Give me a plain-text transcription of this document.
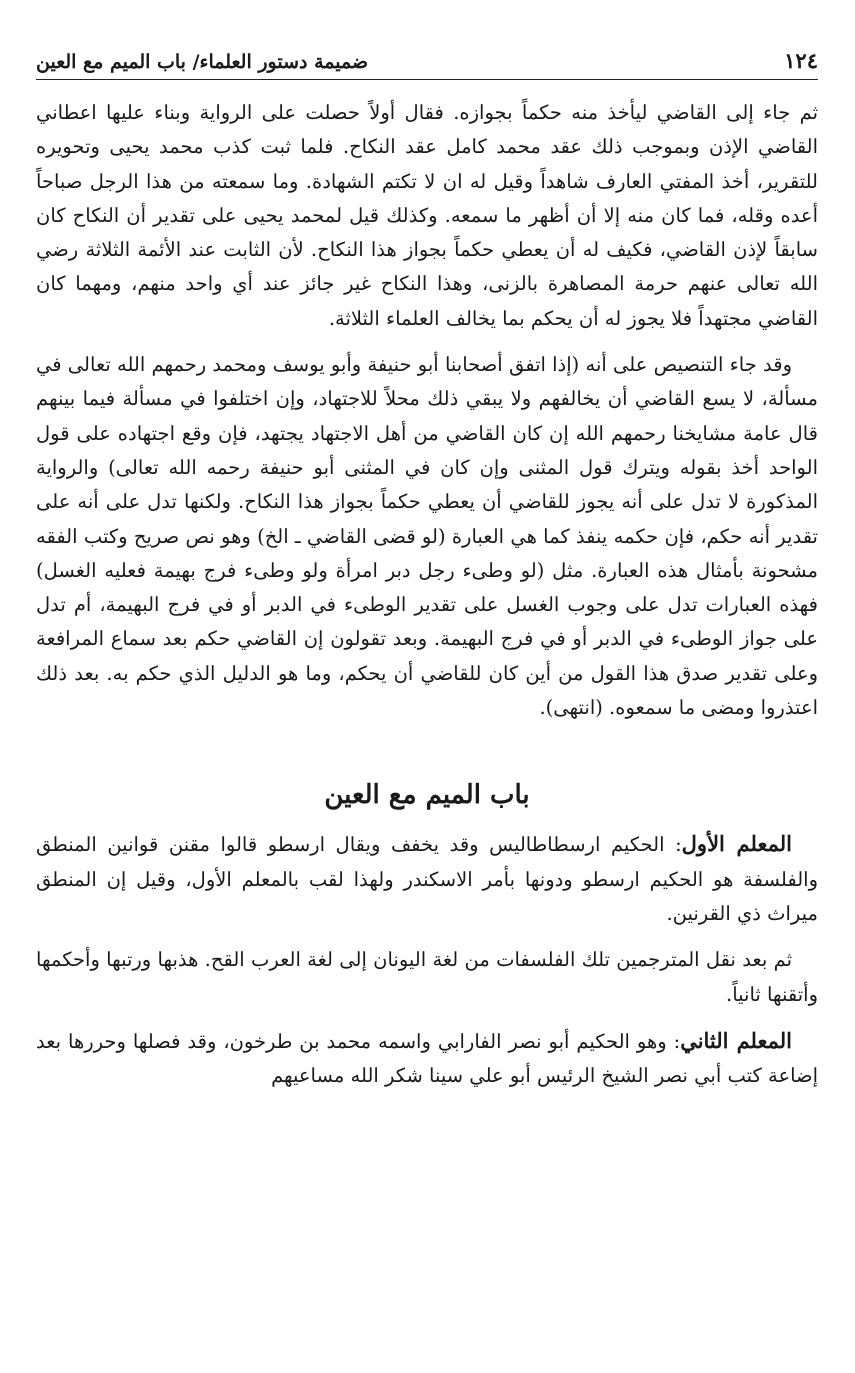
١٢٤
ضميمة دستور العلماء/ باب الميم مع العين

ثم جاء إلى القاضي ليأخذ منه حكماً بجوازه. فقال أولاً حصلت على الرواية وبناء عليها اعطاني القاضي الإذن وبموجب ذلك عقد محمد كامل عقد النكاح. فلما ثبت كذب محمد يحيى وتحويره للتقرير، أخذ المفتي العارف شاهداً وقيل له ان لا تكتم الشهادة. وما سمعته من هذا الرجل صباحاً أعده وقله، فما كان منه إلا أن أظهر ما سمعه. وكذلك قيل لمحمد يحيى على تقدير أن النكاح كان سابقاً لإذن القاضي، فكيف له أن يعطي حكماً بجواز هذا النكاح. لأن الثابت عند الأئمة الثلاثة رضي الله تعالى عنهم حرمة المصاهرة بالزنى، وهذا النكاح غير جائز عند أي واحد منهم، ومهما كان القاضي مجتهداً فلا يجوز له أن يحكم بما يخالف العلماء الثلاثة.

وقد جاء التنصيص على أنه (إذا اتفق أصحابنا أبو حنيفة وأبو يوسف ومحمد رحمهم الله تعالى في مسألة، لا يسع القاضي أن يخالفهم ولا يبقي ذلك محلاً للاجتهاد، وإن اختلفوا في مسألة فيما بينهم قال عامة مشايخنا رحمهم الله إن كان القاضي من أهل الاجتهاد يجتهد، فإن وقع اجتهاده على قول الواحد أخذ بقوله ويترك قول المثنى وإن كان في المثنى أبو حنيفة رحمه الله تعالى) والرواية المذكورة لا تدل على أنه يجوز للقاضي أن يعطي حكماً بجواز هذا النكاح. ولكنها تدل على أنه على تقدير أنه حكم، فإن حكمه ينفذ كما هي العبارة (لو قضى القاضي ـ الخ) وهو نص صريح وكتب الفقه مشحونة بأمثال هذه العبارة. مثل (لو وطىء رجل دبر امرأة ولو وطىء فرج بهيمة فعليه الغسل) فهذه العبارات تدل على وجوب الغسل على تقدير الوطىء في الدبر أو في فرج البهيمة، أم تدل على جواز الوطىء في الدبر أو في فرج البهيمة. وبعد تقولون إن القاضي حكم بعد سماع المرافعة وعلى تقدير صدق هذا القول من أين كان للقاضي أن يحكم، وما هو الدليل الذي حكم به. بعد ذلك اعتذروا ومضى ما سمعوه. (انتهى).

باب الميم مع العين

المعلم الأول: الحكيم ارسطاطاليس وقد يخفف ويقال ارسطو قالوا مقنن قوانين المنطق والفلسفة هو الحكيم ارسطو ودونها بأمر الاسكندر ولهذا لقب بالمعلم الأول، وقيل إن المنطق ميراث ذي القرنين.

ثم بعد نقل المترجمين تلك الفلسفات من لغة اليونان إلى لغة العرب القح. هذبها ورتبها وأحكمها وأتقنها ثانياً.

المعلم الثاني: وهو الحكيم أبو نصر الفارابي واسمه محمد بن طرخون، وقد فصلها وحررها بعد إضاعة كتب أبي نصر الشيخ الرئيس أبو علي سينا شكر الله مساعيهم
